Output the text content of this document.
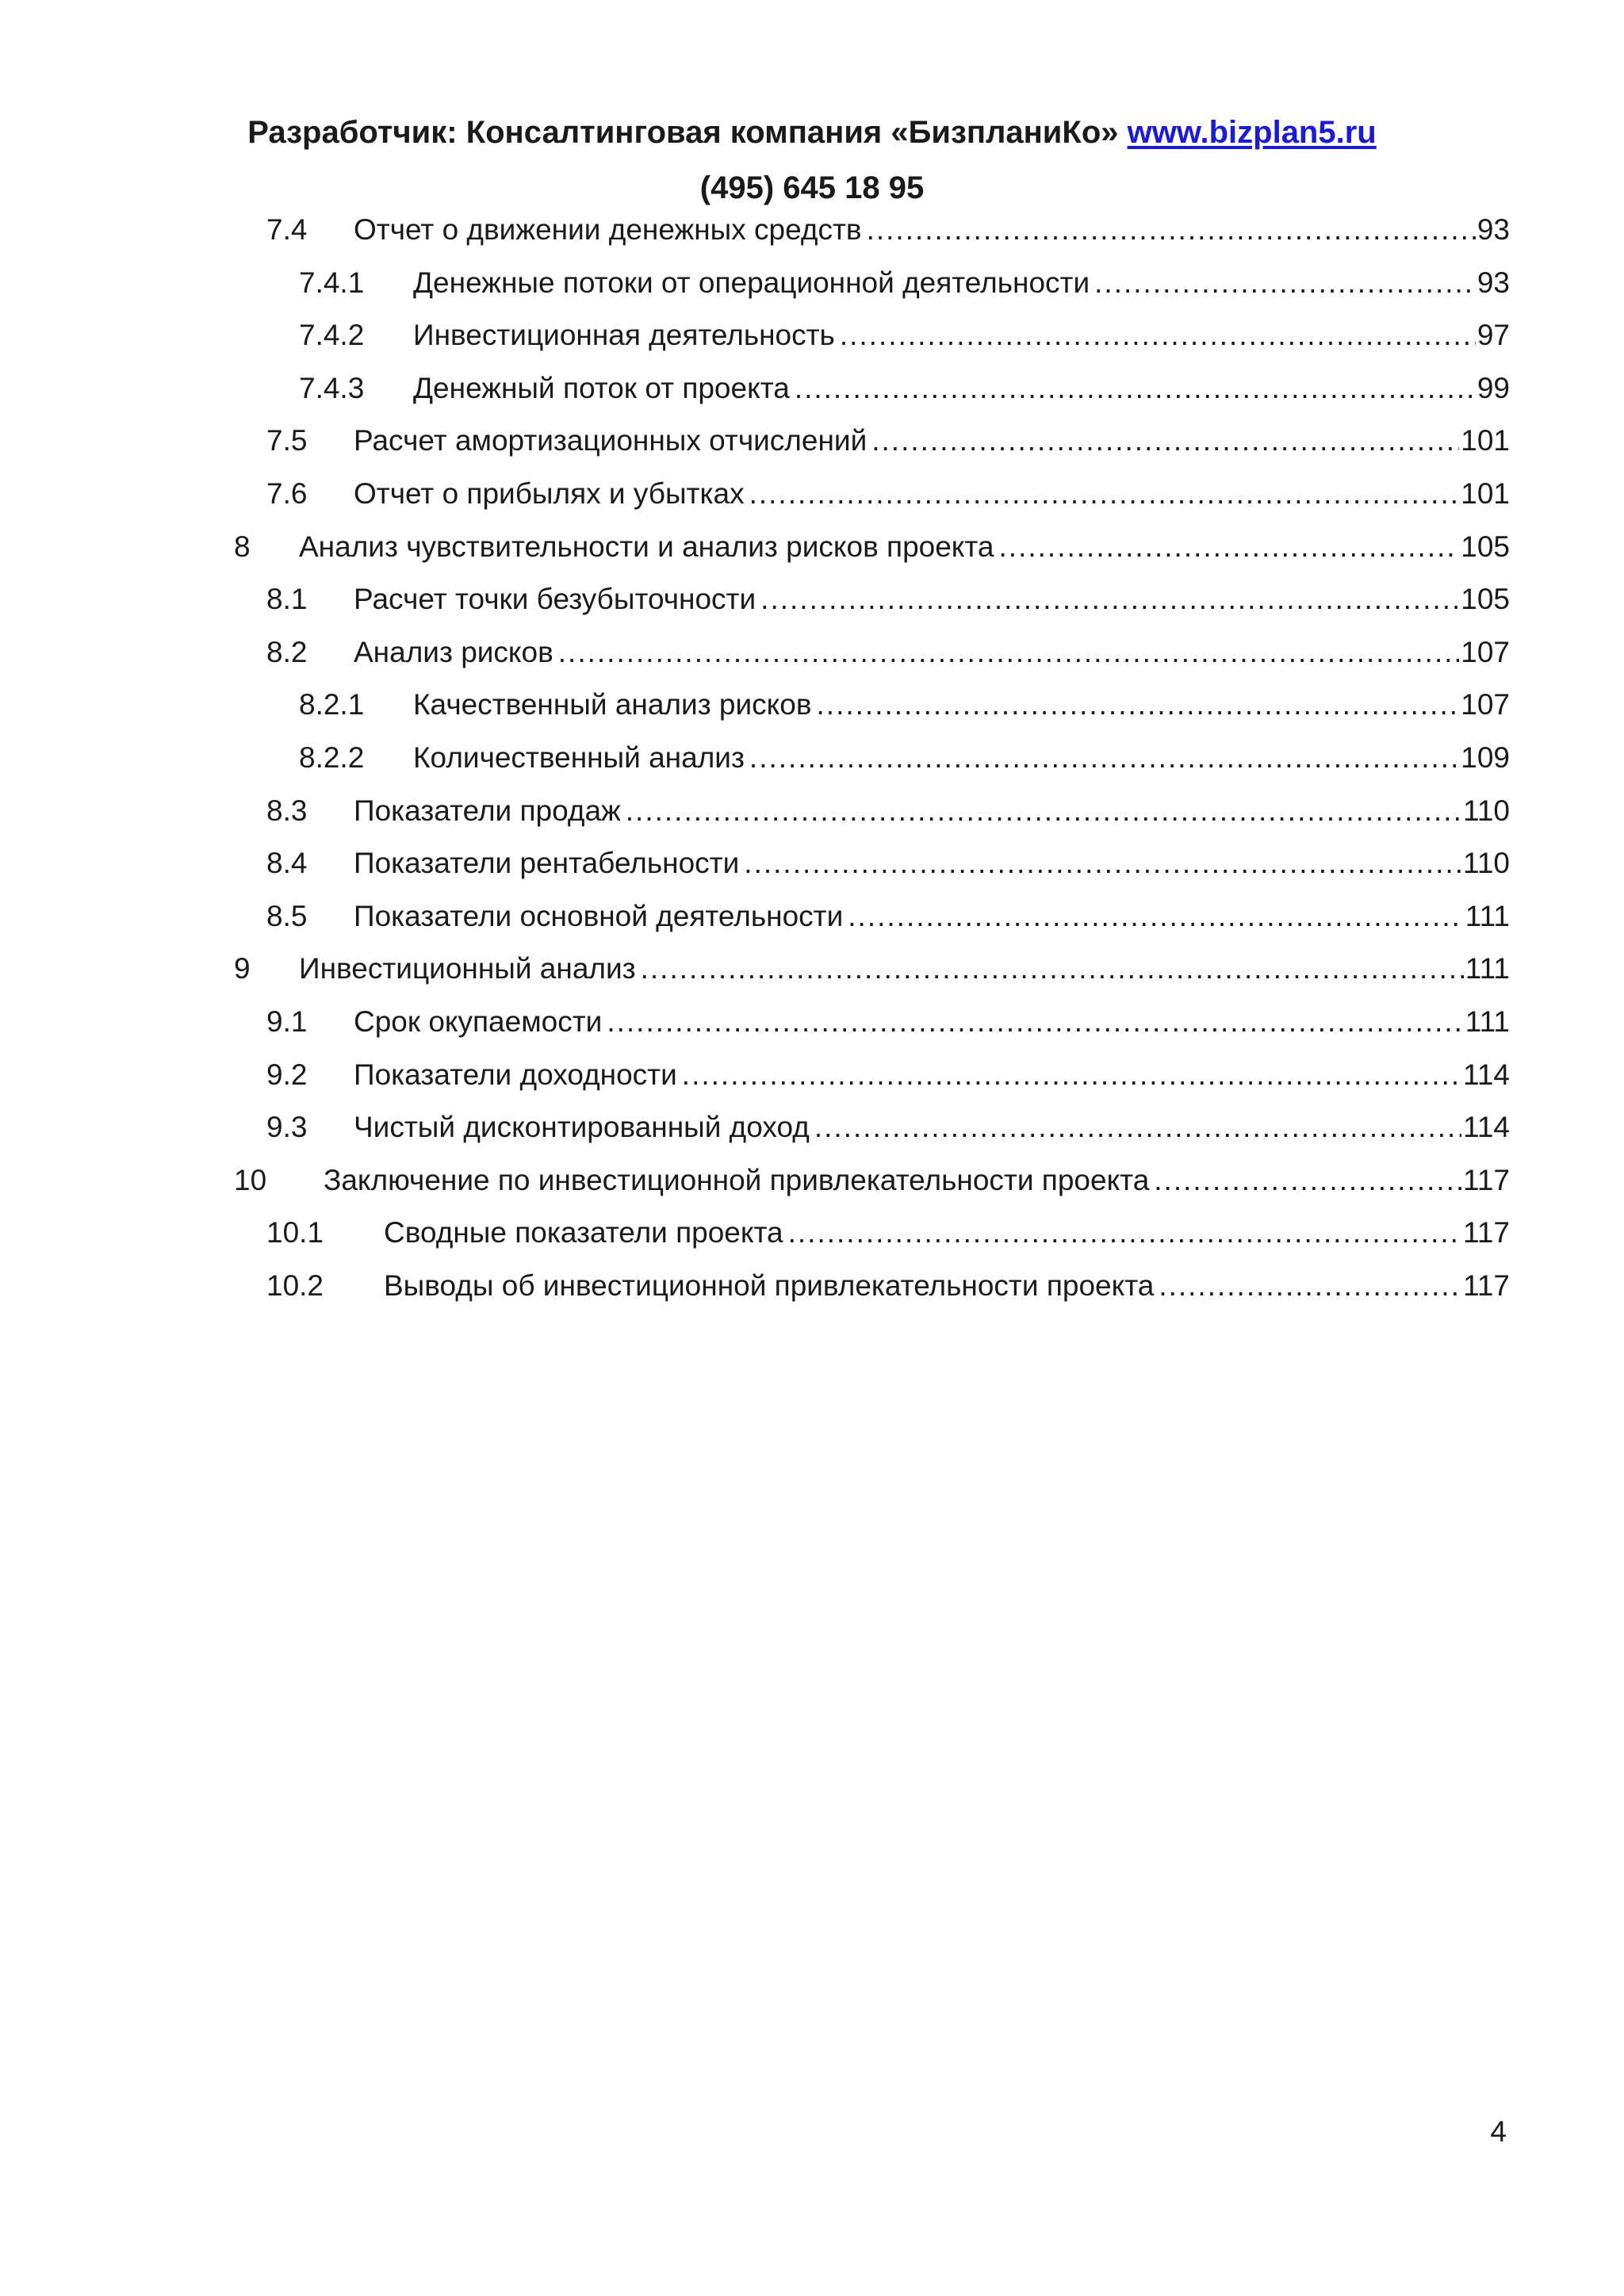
Разработчик: Консалтинговая компания «БизпланиКо» www.bizplan5.ru
(495) 645 18 95
7.4 Отчет о движении денежных средств .....	93
7.4.1 Денежные потоки от операционной деятельности .....	93
7.4.2 Инвестиционная деятельность .....	97
7.4.3 Денежный поток от проекта .....	99
7.5 Расчет амортизационных отчислений .....	101
7.6 Отчет о прибылях и убытках .....	101
8 Анализ чувствительности и анализ рисков проекта .....	105
8.1 Расчет точки безубыточности .....	105
8.2 Анализ рисков .....	107
8.2.1 Качественный анализ рисков .....	107
8.2.2 Количественный анализ .....	109
8.3 Показатели продаж .....	110
8.4 Показатели рентабельности .....	110
8.5 Показатели основной деятельности .....	111
9 Инвестиционный анализ .....	111
9.1 Срок окупаемости .....	111
9.2 Показатели доходности .....	114
9.3 Чистый дисконтированный доход .....	114
10 Заключение по инвестиционной привлекательности проекта .....	117
10.1 Сводные показатели проекта .....	117
10.2 Выводы об инвестиционной привлекательности проекта .....	117
4
